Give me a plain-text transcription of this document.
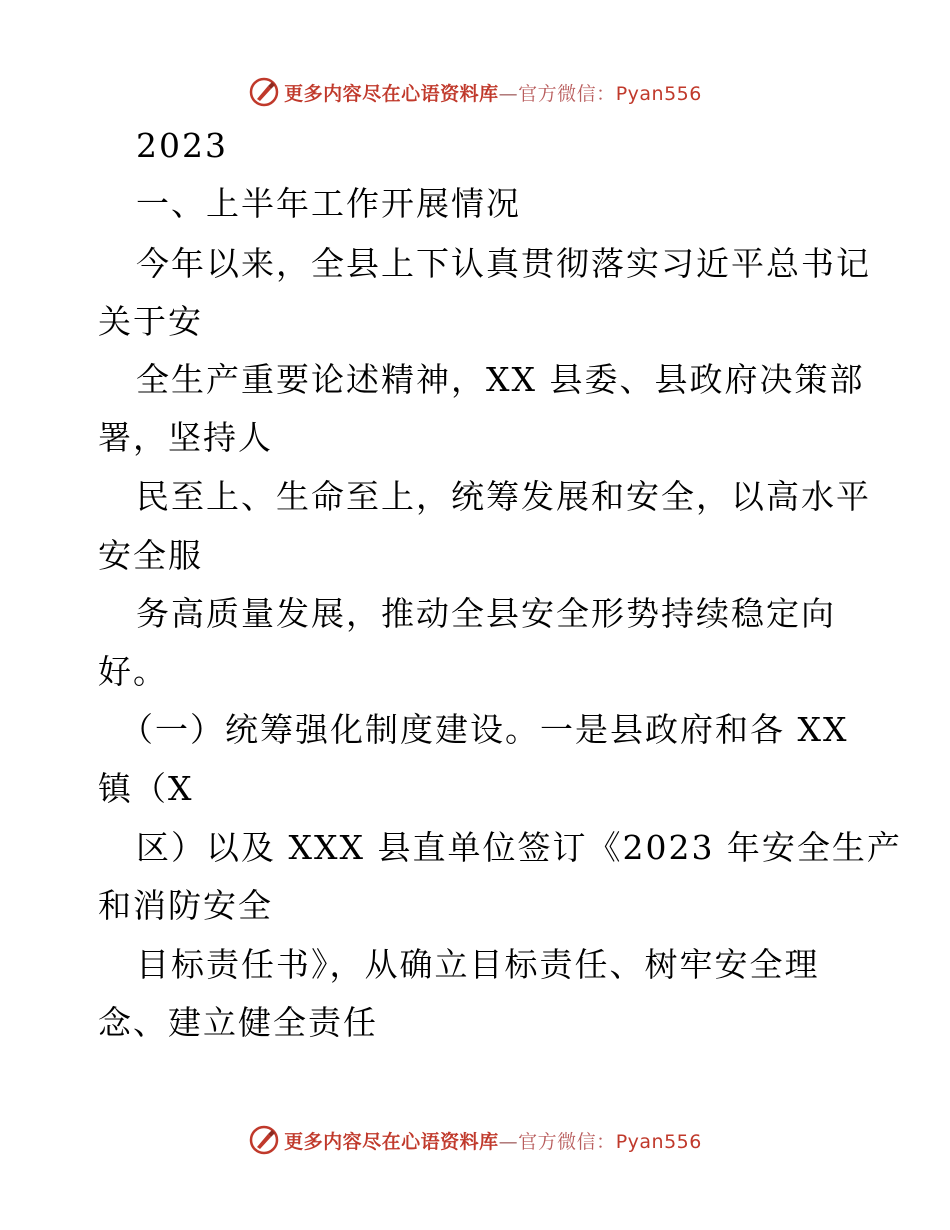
更多内容尽在心语资料库—官方微信：Pyan556
2023
一、上半年工作开展情况
今年以来，全县上下认真贯彻落实习近平总书记
关于安
全生产重要论述精神，XX 县委、县政府决策部
署，坚持人
民至上、生命至上，统筹发展和安全，以高水平
安全服
务高质量发展，推动全县安全形势持续稳定向
好。
（一）统筹强化制度建设。一是县政府和各 XX
镇（X
区）以及 XXX 县直单位签订《2023 年安全生产
和消防安全
目标责任书》，从确立目标责任、树牢安全理
念、建立健全责任
更多内容尽在心语资料库—官方微信：Pyan556
